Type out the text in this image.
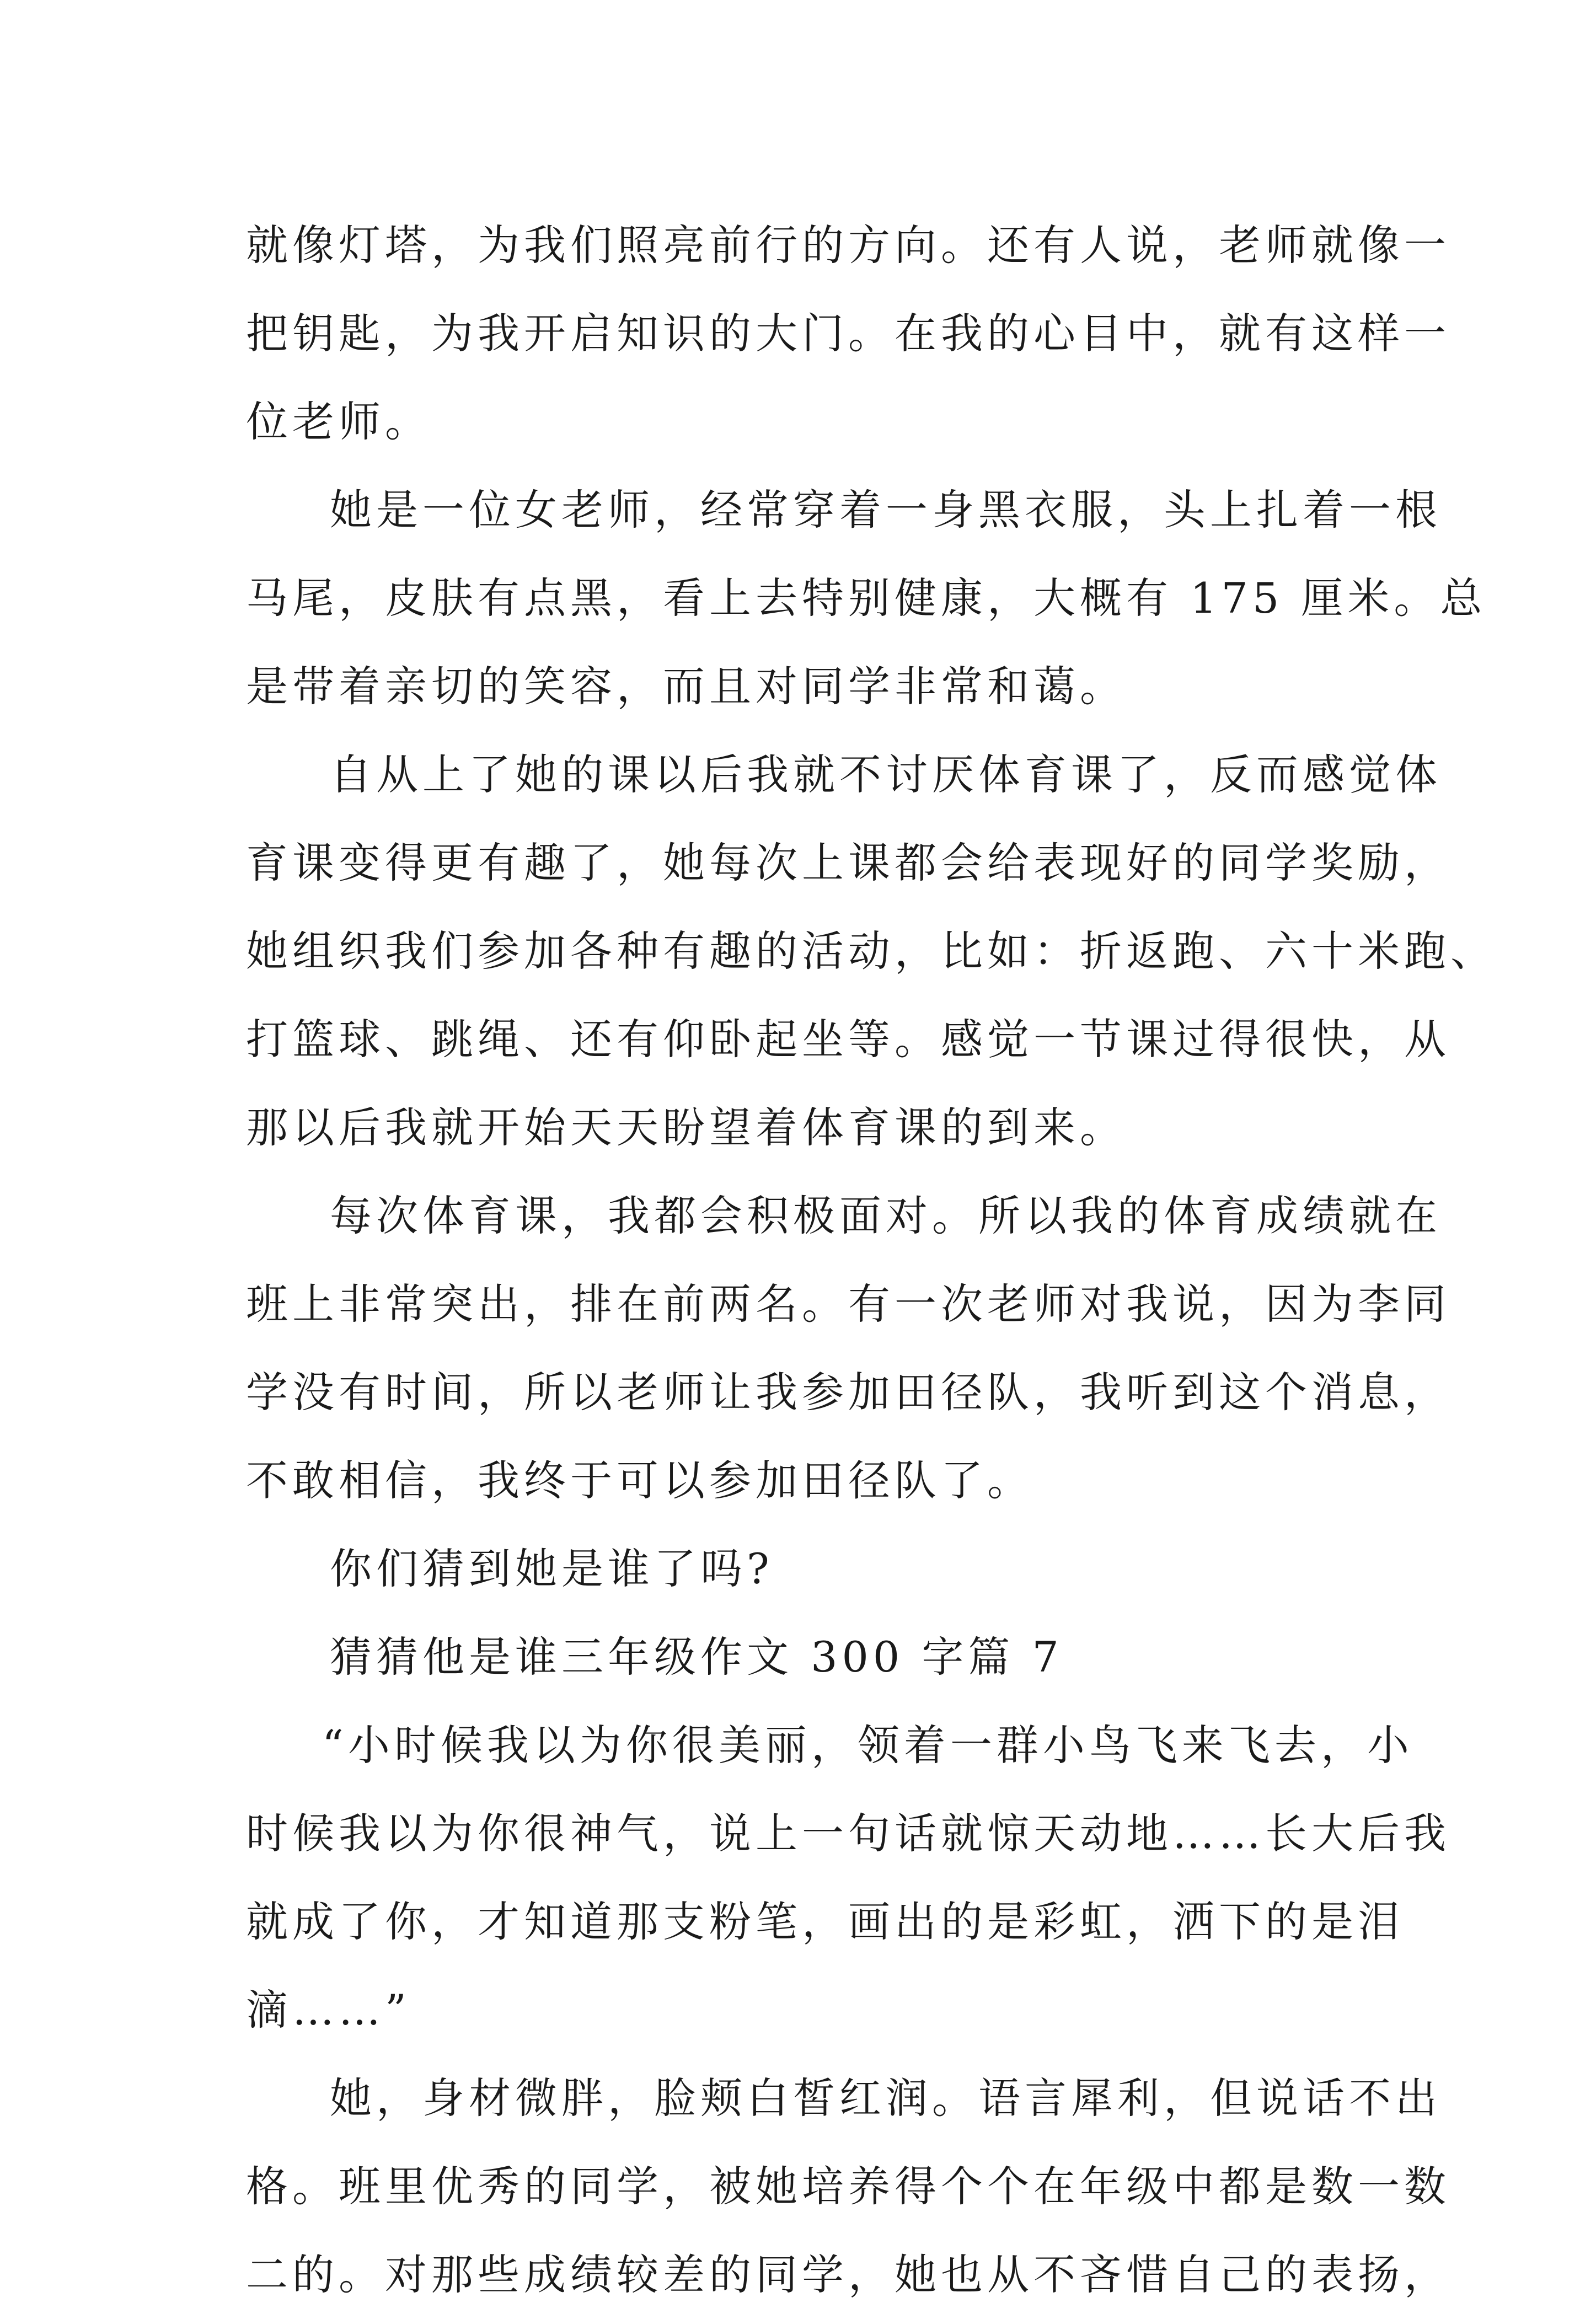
就像灯塔，为我们照亮前行的方向。还有人说，老师就像一
把钥匙，为我开启知识的大门。在我的心目中，就有这样一
位老师。
她是一位女老师，经常穿着一身黑衣服，头上扎着一根
马尾，皮肤有点黑，看上去特别健康，大概有 175 厘米。总
是带着亲切的笑容，而且对同学非常和蔼。
自从上了她的课以后我就不讨厌体育课了，反而感觉体
育课变得更有趣了，她每次上课都会给表现好的同学奖励，
她组织我们参加各种有趣的活动，比如：折返跑、六十米跑、
打篮球、跳绳、还有仰卧起坐等。感觉一节课过得很快，从
那以后我就开始天天盼望着体育课的到来。
每次体育课，我都会积极面对。所以我的体育成绩就在
班上非常突出，排在前两名。有一次老师对我说，因为李同
学没有时间，所以老师让我参加田径队，我听到这个消息，
不敢相信，我终于可以参加田径队了。
你们猜到她是谁了吗?
猜猜他是谁三年级作文 300 字篇 7
“小时候我以为你很美丽，领着一群小鸟飞来飞去，小
时候我以为你很神气，说上一句话就惊天动地……长大后我
就成了你，才知道那支粉笔，画出的是彩虹，洒下的是泪
滴……”
她，身材微胖，脸颊白皙红润。语言犀利，但说话不出
格。班里优秀的同学，被她培养得个个在年级中都是数一数
二的。对那些成绩较差的同学，她也从不吝惜自己的表扬，
